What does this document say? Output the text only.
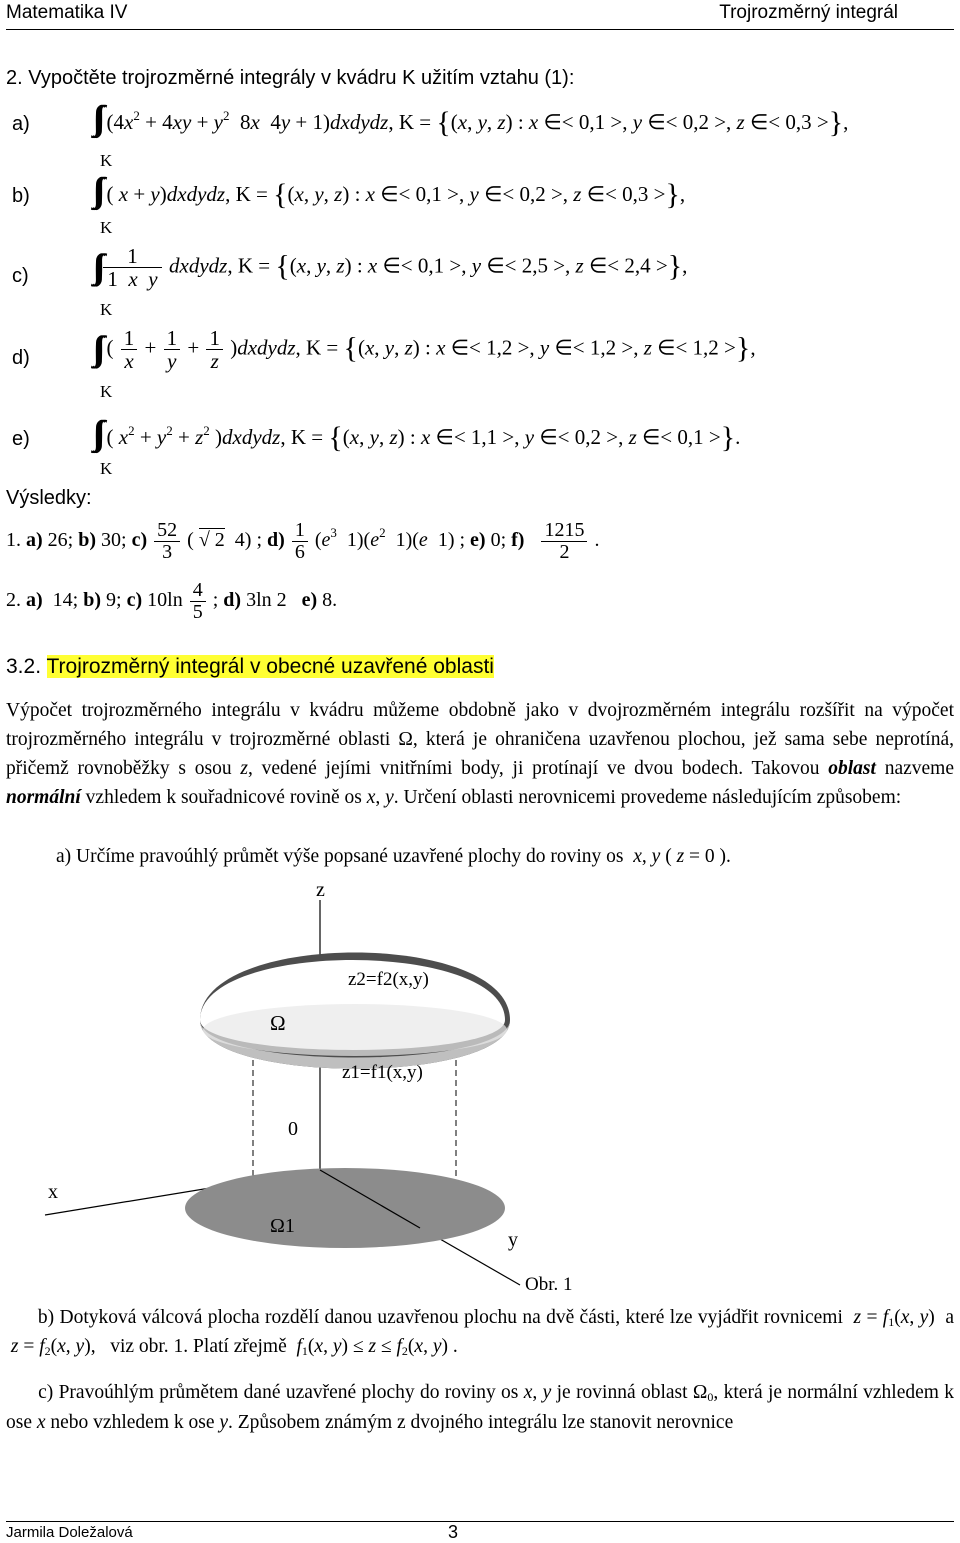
Matematika IV	Trojrozměrný integrál
2. Vypočtěte trojrozměrné integrály v kvádru K užitím vztahu (1):
a)	($4x^2 + 4xy + y^2$  8x  4y + 1)dxdydz, K = {(x, y, z) : x ∈< 0,1 >, y ∈< 0,2 >, z ∈< 0,3 >},
K
b)	( x + y)dxdydz, K = {(x, y, z) : x ∈< 0,1 >, y ∈< 0,2 >, z ∈< 0,3 >},
K
c)
	$\frac{1}{\text{1  x y}}$ dxdydz, K = {(x, y, z) : x ∈< 0,1 >, y ∈< 2,5 >, z ∈< 2,4 >},
K
d)	( $\frac{1}{x} + \frac{1}{y} + \frac{1}{z}$ )dxdydz, K = {(x, y, z) : x ∈< 1,2 >, y ∈< 1,2 >, z ∈< 1,2 >},
K
e)	( $x^2 + y^2 + z^2$ )dxdydz, K = {(x, y, z) : x ∈< 1,1 >, y ∈< 0,2 >, z ∈< 0,1 >}.
K
Výsledky:
1. a) 26; b) 30; $c) \frac{52}{3}$ ( √ 2  4) ; $d) \frac{1}{6} (e^3$  $1)(e^2$  1)(e  1) ; e) 0; $f) \frac{1215}{2}$ .
2. a)  14; b) 9; c) $10\ln \frac{4}{5}$ ; d) 3ln 2   e) 8.
3.2. Trojrozměrný integrál v obecné uzavřené oblasti
Výpočet trojrozměrného integrálu v kvádru můžeme obdobně jako v dvojrozměrném integrálu rozšířit na výpočet trojrozměrného integrálu v trojrozměrné oblasti Ω, která je ohraničena uzavřenou plochou, jež sama sebe neprotíná, přičemž rovnoběžky s osou z, vedené jejími vnitřními body, ji protínají ve dvou bodech. Takovou oblast nazveme normální vzhledem k souřadnicové rovině os x, y. Určení oblasti nerovnicemi provedeme následujícím způsobem:
a) Určíme pravoúhlý průmět výše popsané uzavřené plochy do roviny os  x, y ( z = 0 ).
z
x
y
Ω
0
z2=f2(x,y)
z1=f1(x,y)
Ω1
Obr. 1
b) Dotyková válcová plocha rozdělí danou uzavřenou plochu na dvě části, které lze vyjádřit rovnicemi  $z = f_1(x$, y)  a  $z = f_2(x$, y),   viz obr. 1. Platí zřejmě  $f_1(x$, $y) \le z \le f_2(x$, y) .
c) Pravoúhlým průmětem dané uzavřené plochy do roviny os x, y je rovinná oblast $\Omega_0$, která je normální vzhledem k ose x nebo vzhledem k ose y. Způsobem známým z dvojného integrálu lze stanovit nerovnice
Jarmila Doležalová	3
